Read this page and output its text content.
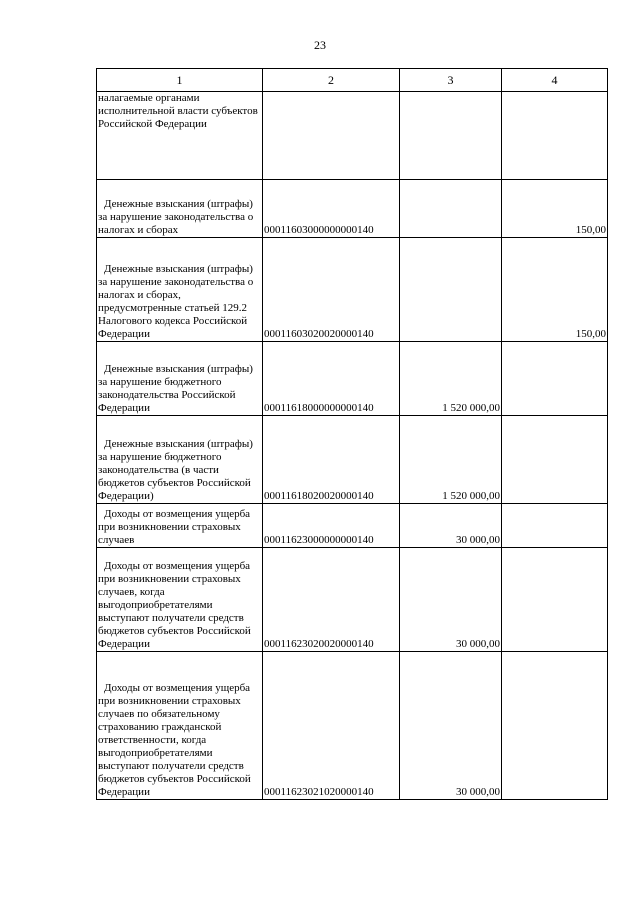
23
1	2	3	4

налагаемые органами исполнительной власти субъектов Российской Федерации			

Денежные взыскания (штрафы) за нарушение законодательства о налогах и сборах	00011603000000000140		150,00

Денежные взыскания (штрафы) за нарушение законодательства о налогах и сборах, предусмотренные статьей 129.2 Налогового кодекса Российской Федерации	00011603020020000140		150,00

Денежные взыскания (штрафы) за нарушение бюджетного законодательства Российской Федерации	00011618000000000140	1 520 000,00	

Денежные взыскания (штрафы) за нарушение бюджетного законодательства (в части бюджетов субъектов Российской Федерации)	00011618020020000140	1 520 000,00	

Доходы от возмещения ущерба при возникновении страховых случаев	00011623000000000140	30 000,00	

Доходы от возмещения ущерба при возникновении страховых случаев, когда выгодоприобретателями выступают получатели средств бюджетов субъектов Российской Федерации	00011623020020000140	30 000,00	

Доходы от возмещения ущерба при возникновении страховых случаев по обязательному страхованию гражданской ответственности, когда выгодоприобретателями выступают получатели средств бюджетов субъектов Российской Федерации	00011623021020000140	30 000,00	
